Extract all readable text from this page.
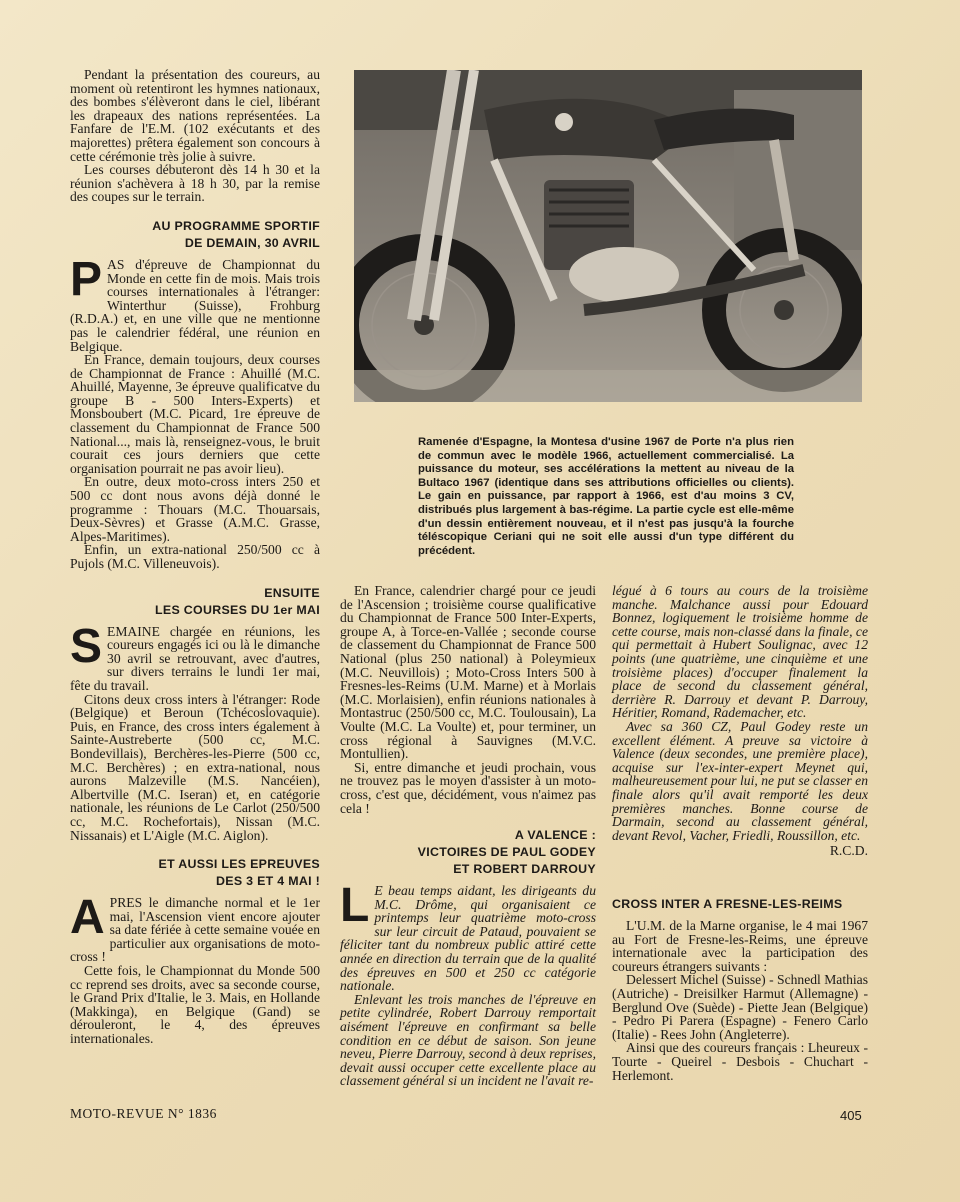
Pendant la présentation des coureurs, au moment où retentiront les hymnes nationaux, des bombes s'élèveront dans le ciel, libérant les drapeaux des nations représentées. La Fanfare de l'E.M. (102 exécutants et des majorettes) prêtera également son concours à cette cérémonie très jolie à suivre.

Les courses débuteront dès 14 h 30 et la réunion s'achèvera à 18 h 30, par la remise des coupes sur le terrain.

AU PROGRAMME SPORTIF
DE DEMAIN, 30 AVRIL

PAS d'épreuve de Championnat du Monde en cette fin de mois. Mais trois courses internationales à l'étranger: Winterthur (Suisse), Frohburg (R.D.A.) et, en une ville que ne mentionne pas le calendrier fédéral, une réunion en Belgique.

En France, demain toujours, deux courses de Championnat de France : Ahuillé (M.C. Ahuillé, Mayenne, 3e épreuve qualificatve du groupe B - 500 Inters-Experts) et Monsboubert (M.C. Picard, 1re épreuve de classement du Championnat de France 500 National..., mais là, renseignez-vous, le bruit courait ces jours derniers que cette organisation pourrait ne pas avoir lieu).

En outre, deux moto-cross inters 250 et 500 cc dont nous avons déjà donné le programme : Thouars (M.C. Thouarsais, Deux-Sèvres) et Grasse (A.M.C. Grasse, Alpes-Maritimes).

Enfin, un extra-national 250/500 cc à Pujols (M.C. Villeneuvois).

ENSUITE
LES COURSES DU 1er MAI

SEMAINE chargée en réunions, les coureurs engagés ici ou là le dimanche 30 avril se retrouvant, avec d'autres, sur divers terrains le lundi 1er mai, fête du travail.

Citons deux cross inters à l'étranger: Rode (Belgique) et Beroun (Tchécoslovaquie). Puis, en France, des cross inters également à Sainte-Austreberte (500 cc, M.C. Bondevillais), Berchères-les-Pierre (500 cc, M.C. Berchères) ; en extra-national, nous aurons Malzeville (M.S. Nancéien), Albertville (M.C. Iseran) et, en catégorie nationale, les réunions de Le Carlot (250/500 cc, M.C. Rochefortais), Nissan (M.C. Nissanais) et L'Aigle (M.C. Aiglon).

ET AUSSI LES EPREUVES
DES 3 ET 4 MAI !

APRES le dimanche normal et le 1er mai, l'Ascension vient encore ajouter sa date fériée à cette semaine vouée en particulier aux organisations de moto-cross !

Cette fois, le Championnat du Monde 500 cc reprend ses droits, avec sa seconde course, le Grand Prix d'Italie, le 3. Mais, en Hollande (Makkinga), en Belgique (Gand) se dérouleront, le 4, des épreuves internationales.

Ramenée d'Espagne, la Montesa d'usine 1967 de Porte n'a plus rien de commun avec le modèle 1966, actuellement commercialisé. La puissance du moteur, ses accélérations la mettent au niveau de la Bultaco 1967 (identique dans ses attributions officielles ou clients). Le gain en puissance, par rapport à 1966, est d'au moins 3 CV, distribués plus largement à bas-régime. La partie cycle est elle-même d'un dessin entièrement nouveau, et il n'est pas jusqu'à la fourche téléscopique Ceriani qui ne soit elle aussi d'un type différent du précédent.

En France, calendrier chargé pour ce jeudi de l'Ascension ; troisième course qualificative du Championnat de France 500 Inter-Experts, groupe A, à Torce-en-Vallée ; seconde course de classement du Championnat de France 500 National (plus 250 national) à Poleymieux (M.C. Neuvillois) ; Moto-Cross Inters 500 à Fresnes-les-Reims (U.M. Marne) et à Morlais (M.C. Morlaisien), enfin réunions nationales à Montastruc (250/500 cc, M.C. Toulousain), La Voulte (M.C. La Voulte) et, pour terminer, un cross régional à Sauvignes (M.V.C. Montullien).

Si, entre dimanche et jeudi prochain, vous ne trouvez pas le moyen d'assister à un moto-cross, c'est que, décidément, vous n'aimez pas cela !

A VALENCE :
VICTOIRES DE PAUL GODEY
ET ROBERT DARROUY

L E beau temps aidant, les dirigeants du M.C. Drôme, qui organisaient ce printemps leur quatrième moto-cross sur leur circuit de Pataud, pouvaient se féliciter tant du nombreux public attiré cette année en direction du terrain que de la qualité des épreuves en 500 et 250 cc catégorie nationale.

Enlevant les trois manches de l'épreuve en petite cylindrée, Robert Darrouy remportait aisément l'épreuve en confirmant sa belle condition en ce début de saison. Son jeune neveu, Pierre Darrouy, second à deux reprises, devait aussi occuper cette excellente place au classement général si un incident ne l'avait re-

légué à 6 tours au cours de la troisième manche. Malchance aussi pour Edouard Bonnez, logiquement le troisième homme de cette course, mais non-classé dans la finale, ce qui permettait à Hubert Soulignac, avec 12 points (une quatrième, une cinquième et une troisième places) d'occuper finalement la place de second du classement général, derrière R. Darrouy et devant P. Darrouy, Héritier, Romand, Rademacher, etc.

Avec sa 360 CZ, Paul Godey reste un excellent élément. A preuve sa victoire à Valence (deux secondes, une première place), acquise sur l'ex-inter-expert Meynet qui, malheureusement pour lui, ne put se classer en finale alors qu'il avait remporté les deux premières manches. Bonne course de Darmain, second au classement général, devant Revol, Vacher, Friedli, Roussillon, etc.

R.C.D.
CROSS INTER A FRESNE-LES-REIMS

L'U.M. de la Marne organise, le 4 mai 1967 au Fort de Fresne-les-Reims, une épreuve internationale avec la participation des coureurs étrangers suivants :

Delessert Michel (Suisse) - Schnedl Mathias (Autriche) - Dreisilker Harmut (Allemagne) - Berglund Ove (Suède) - Piette Jean (Belgique) - Pedro Pi Parera (Espagne) - Fenero Carlo (Italie) - Rees John (Angleterre).

Ainsi que des coureurs français : Lheureux - Tourte - Queirel - Desbois - Chuchart - Herlemont.

MOTO-REVUE N° 1836	405
